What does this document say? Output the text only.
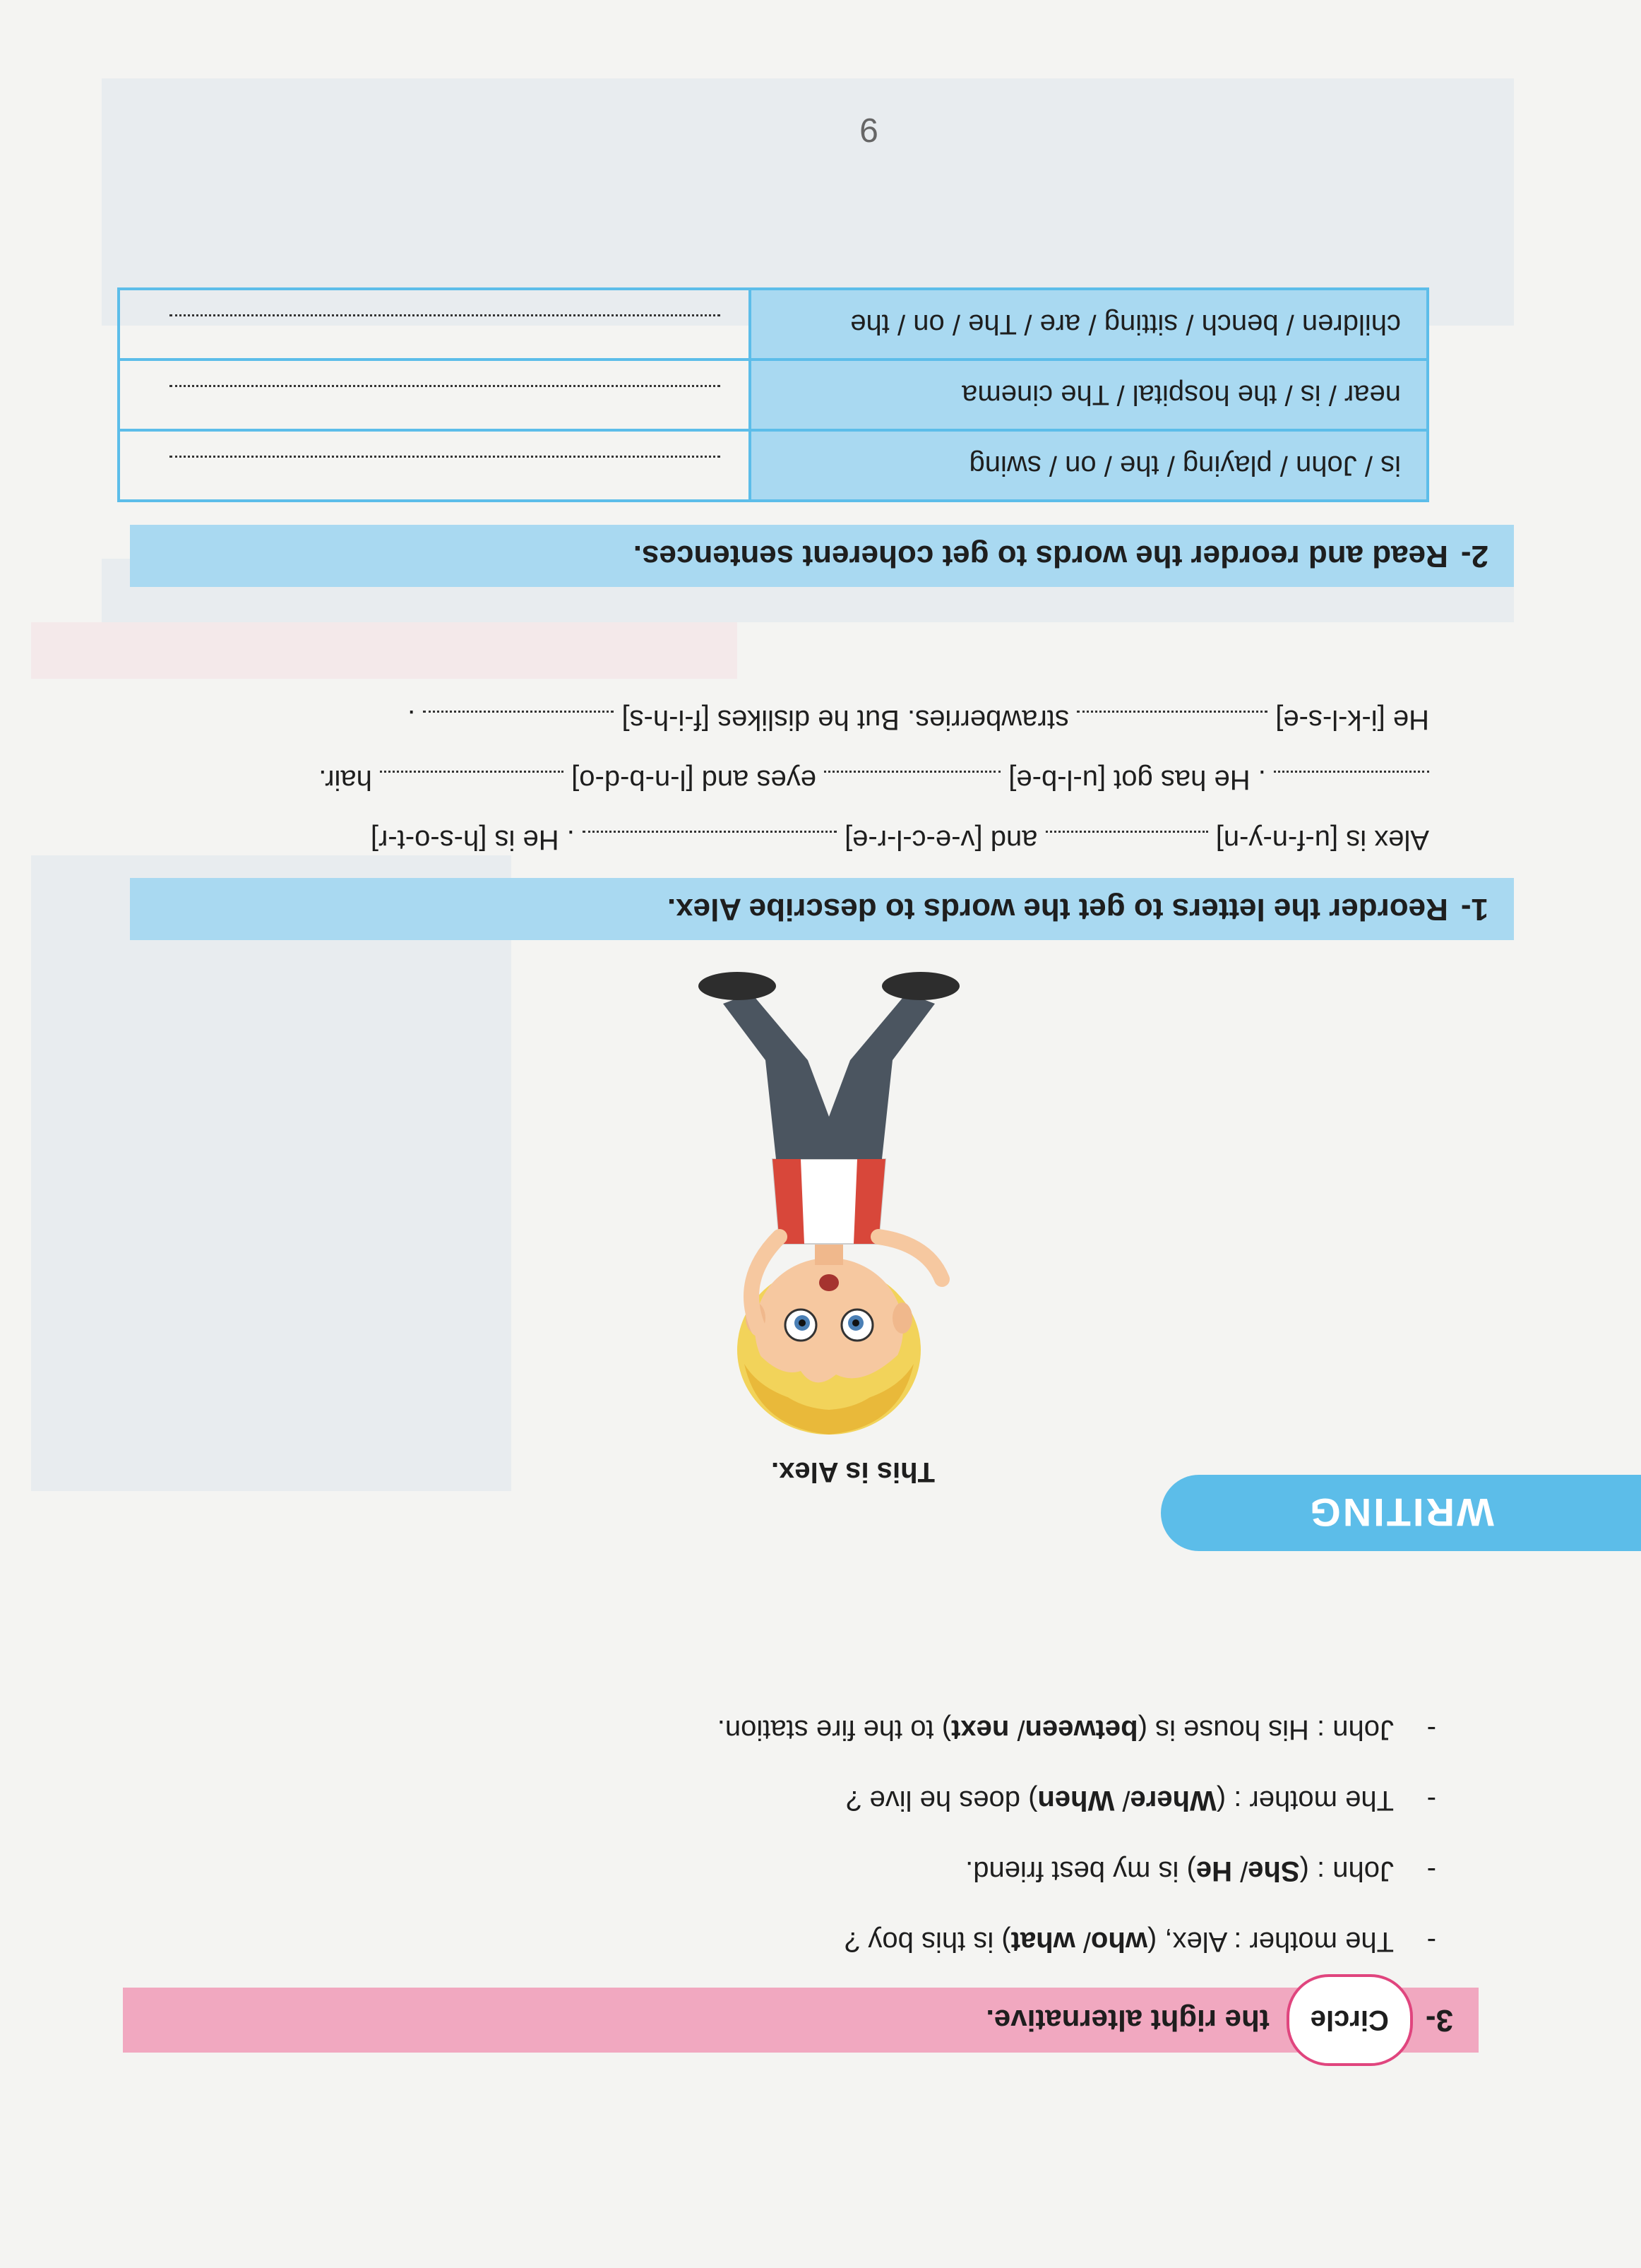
3-
Circle
the right alternative.
-The mother : Alex, (who/ what) is this boy ?
-John : (She/ He) is my best friend.
-The mother : (Where/ When) does he live ?
-John : His house is (between/ next) to the fire station.
WRITING
This is Alex.
1-
Reorder the letters to get the words to describe Alex.
Alex is [u-f-n-y-n]  and [v-e-c-l-r-e]  . He is [h-s-o-t-r]
. He has got [u-l-b-e]  eyes and [l-n-b-d-o]  hair.
He [i-k-l-s-e]  strawberries. But he dislikes [f-i-h-s]  .
2-
Read and reorder the words to get coherent sentences.
is / John / playing / the / on / swing
near / is / the hospital / The cinema
children / bench / sitting / are / The / on / the
9
